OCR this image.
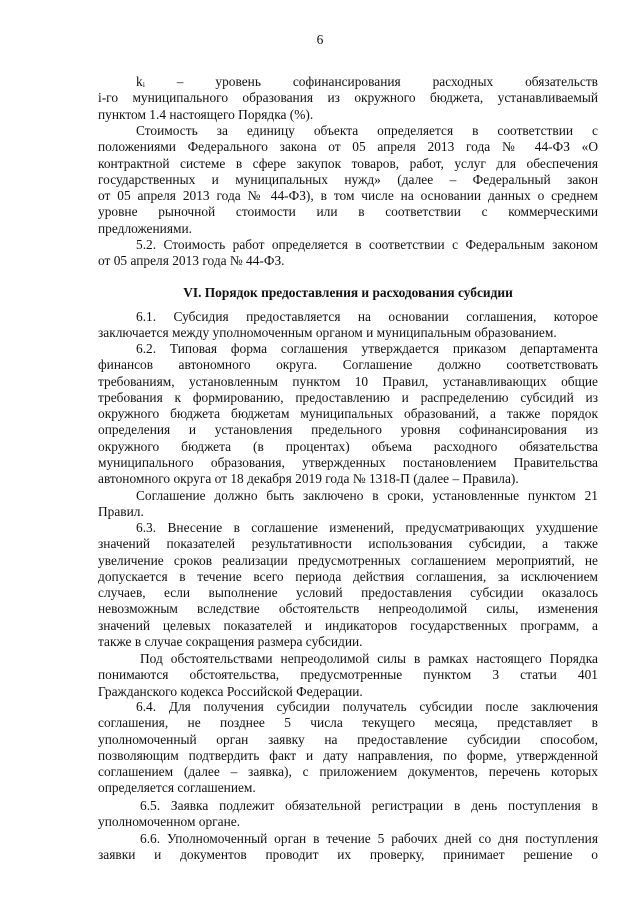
6
kᵢ – уровень софинансирования расходных обязательств
i-го муниципального образования из окружного бюджета, устанавливаемый
пунктом 1.4 настоящего Порядка (%).
Стоимость за единицу объекта определяется в соответствии с
положениями Федерального закона от 05 апреля 2013 года № 44-ФЗ «О
контрактной системе в сфере закупок товаров, работ, услуг для обеспечения
государственных и муниципальных нужд» (далее – Федеральный закон
от 05 апреля 2013 года № 44-ФЗ), в том числе на основании данных о среднем
уровне рыночной стоимости или в соответствии с коммерческими
предложениями.
5.2. Стоимость работ определяется в соответствии с Федеральным законом
от 05 апреля 2013 года № 44-ФЗ.

VI. Порядок предоставления и расходования субсидии

6.1. Субсидия предоставляется на основании соглашения, которое
заключается между уполномоченным органом и муниципальным образованием.
6.2. Типовая форма соглашения утверждается приказом департамента
финансов автономного округа. Соглашение должно соответствовать
требованиям, установленным пунктом 10 Правил, устанавливающих общие
требования к формированию, предоставлению и распределению субсидий из
окружного бюджета бюджетам муниципальных образований, а также порядок
определения и установления предельного уровня софинансирования из
окружного бюджета (в процентах) объема расходного обязательства
муниципального образования, утвержденных постановлением Правительства
автономного округа от 18 декабря 2019 года № 1318-П (далее – Правила).
Соглашение должно быть заключено в сроки, установленные пунктом 21
Правил.
6.3. Внесение в соглашение изменений, предусматривающих ухудшение
значений показателей результативности использования субсидии, а также
увеличение сроков реализации предусмотренных соглашением мероприятий, не
допускается в течение всего периода действия соглашения, за исключением
случаев, если выполнение условий предоставления субсидии оказалось
невозможным вследствие обстоятельств непреодолимой силы, изменения
значений целевых показателей и индикаторов государственных программ, а
также в случае сокращения размера субсидии.
Под обстоятельствами непреодолимой силы в рамках настоящего Порядка
понимаются обстоятельства, предусмотренные пунктом 3 статьи 401
Гражданского кодекса Российской Федерации.
6.4. Для получения субсидии получатель субсидии после заключения
соглашения, не позднее 5 числа текущего месяца, представляет в
уполномоченный орган заявку на предоставление субсидии способом,
позволяющим подтвердить факт и дату направления, по форме, утвержденной
соглашением (далее – заявка), с приложением документов, перечень которых
определяется соглашением.
6.5. Заявка подлежит обязательной регистрации в день поступления в
уполномоченном органе.
6.6. Уполномоченный орган в течение 5 рабочих дней со дня поступления
заявки и документов проводит их проверку, принимает решение о
